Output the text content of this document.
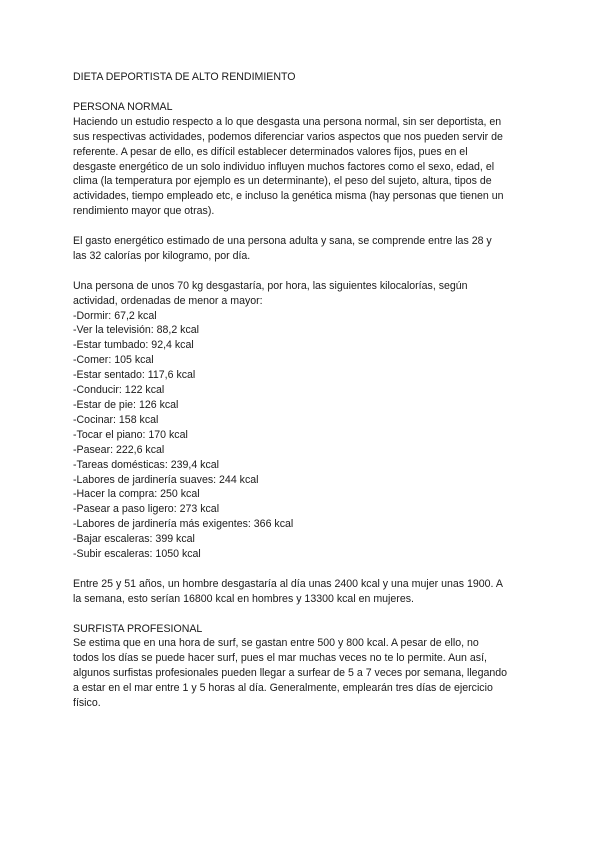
DIETA DEPORTISTA DE ALTO RENDIMIENTO

PERSONA NORMAL

Haciendo un estudio respecto a lo que desgasta una persona normal, sin ser deportista, en

sus respectivas actividades, podemos diferenciar varios aspectos que nos pueden servir de

referente. A pesar de ello, es difícil establecer determinados valores fijos, pues en el

desgaste energético de un solo individuo influyen muchos factores como el sexo, edad, el

clima (la temperatura por ejemplo es un determinante), el peso del sujeto, altura, tipos de

actividades, tiempo empleado etc, e incluso la genética misma (hay personas que tienen un

rendimiento mayor que otras).

El gasto energético estimado de una persona adulta y sana, se comprende entre las 28 y

las 32 calorías por kilogramo, por día.

Una persona de unos 70 kg desgastaría, por hora, las siguientes kilocalorías, según

actividad, ordenadas de menor a mayor:

-Dormir: 67,2 kcal
-Ver la televisión: 88,2 kcal
-Estar tumbado: 92,4 kcal
-Comer: 105 kcal
-Estar sentado: 117,6 kcal
-Conducir: 122 kcal
-Estar de pie: 126 kcal
-Cocinar: 158 kcal
-Tocar el piano: 170 kcal
-Pasear: 222,6 kcal
-Tareas domésticas: 239,4 kcal
-Labores de jardinería suaves: 244 kcal
-Hacer la compra: 250 kcal
-Pasear a paso ligero: 273 kcal
-Labores de jardinería más exigentes: 366 kcal
-Bajar escaleras: 399 kcal
-Subir escaleras: 1050 kcal

Entre 25 y 51 años, un hombre desgastaría al día unas 2400 kcal y una mujer unas 1900. A

la semana, esto serían 16800 kcal en hombres y 13300 kcal en mujeres.

SURFISTA PROFESIONAL

Se estima que en una hora de surf, se gastan entre 500 y 800 kcal. A pesar de ello, no

todos los días se puede hacer surf, pues el mar muchas veces no te lo permite. Aun así,

algunos surfistas profesionales pueden llegar a surfear de 5 a 7 veces por semana, llegando

a estar en el mar entre 1 y 5 horas al día. Generalmente, emplearán tres días de ejercicio

físico.
